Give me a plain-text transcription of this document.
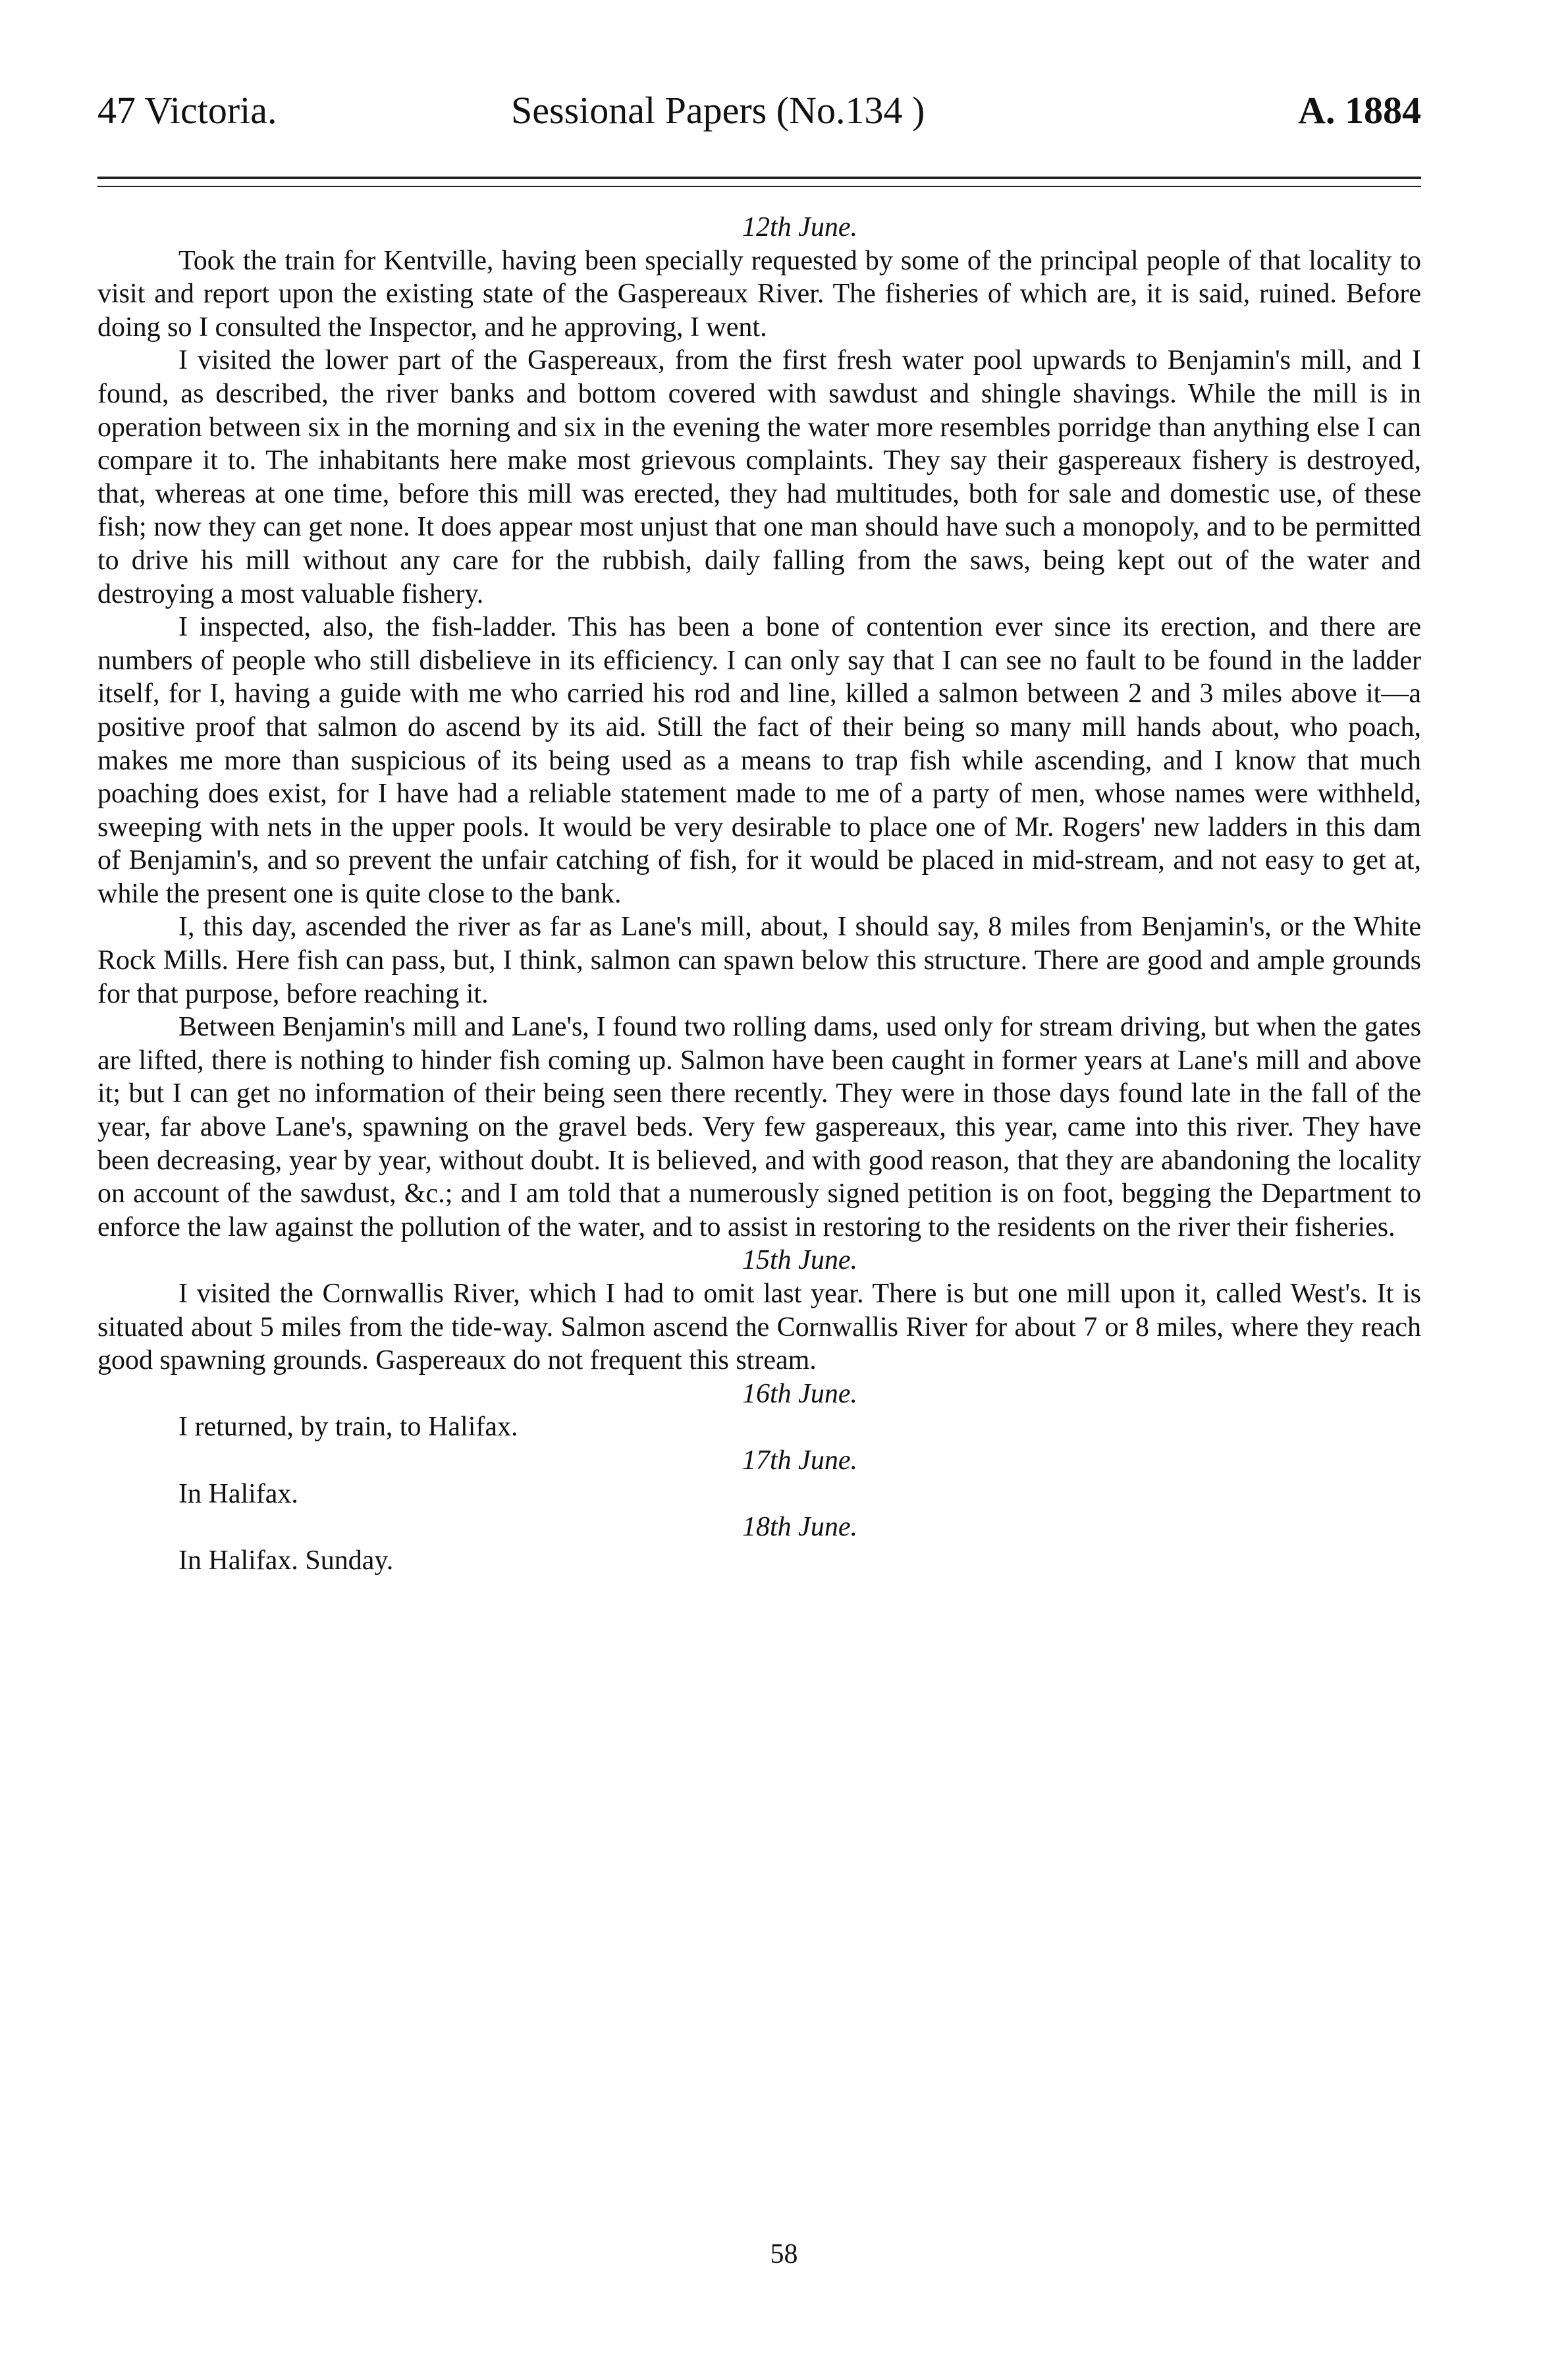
47 Victoria.	Sessional Papers (No.134 )	A. 1884

12th June.

Took the train for Kentville, having been specially requested by some of the principal people of that locality to visit and report upon the existing state of the Gaspereaux River. The fisheries of which are, it is said, ruined. Before doing so I consulted the Inspector, and he approving, I went.

I visited the lower part of the Gaspereaux, from the first fresh water pool upwards to Benjamin's mill, and I found, as described, the river banks and bottom covered with sawdust and shingle shavings. While the mill is in operation between six in the morning and six in the evening the water more resembles porridge than anything else I can compare it to. The inhabitants here make most grievous complaints. They say their gaspereaux fishery is destroyed, that, whereas at one time, before this mill was erected, they had multitudes, both for sale and domestic use, of these fish; now they can get none. It does appear most unjust that one man should have such a monopoly, and to be permitted to drive his mill without any care for the rubbish, daily falling from the saws, being kept out of the water and destroying a most valuable fishery.

I inspected, also, the fish-ladder. This has been a bone of contention ever since its erection, and there are numbers of people who still disbelieve in its efficiency. I can only say that I can see no fault to be found in the ladder itself, for I, having a guide with me who carried his rod and line, killed a salmon between 2 and 3 miles above it—a positive proof that salmon do ascend by its aid. Still the fact of their being so many mill hands about, who poach, makes me more than suspicious of its being used as a means to trap fish while ascending, and I know that much poaching does exist, for I have had a reliable statement made to me of a party of men, whose names were withheld, sweeping with nets in the upper pools. It would be very desirable to place one of Mr. Rogers' new ladders in this dam of Benjamin's, and so prevent the unfair catching of fish, for it would be placed in mid-stream, and not easy to get at, while the present one is quite close to the bank.

I, this day, ascended the river as far as Lane's mill, about, I should say, 8 miles from Benjamin's, or the White Rock Mills. Here fish can pass, but, I think, salmon can spawn below this structure. There are good and ample grounds for that purpose, before reaching it.

Between Benjamin's mill and Lane's, I found two rolling dams, used only for stream driving, but when the gates are lifted, there is nothing to hinder fish coming up. Salmon have been caught in former years at Lane's mill and above it; but I can get no information of their being seen there recently. They were in those days found late in the fall of the year, far above Lane's, spawning on the gravel beds. Very few gaspereaux, this year, came into this river. They have been decreasing, year by year, without doubt. It is believed, and with good reason, that they are abandoning the locality on account of the sawdust, &c.; and I am told that a numerously signed petition is on foot, begging the Department to enforce the law against the pollution of the water, and to assist in restoring to the residents on the river their fisheries.

15th June.

I visited the Cornwallis River, which I had to omit last year. There is but one mill upon it, called West's. It is situated about 5 miles from the tide-way. Salmon ascend the Cornwallis River for about 7 or 8 miles, where they reach good spawning grounds. Gaspereaux do not frequent this stream.

16th June.

I returned, by train, to Halifax.

17th June.

In Halifax.

18th June.

In Halifax. Sunday.

58
